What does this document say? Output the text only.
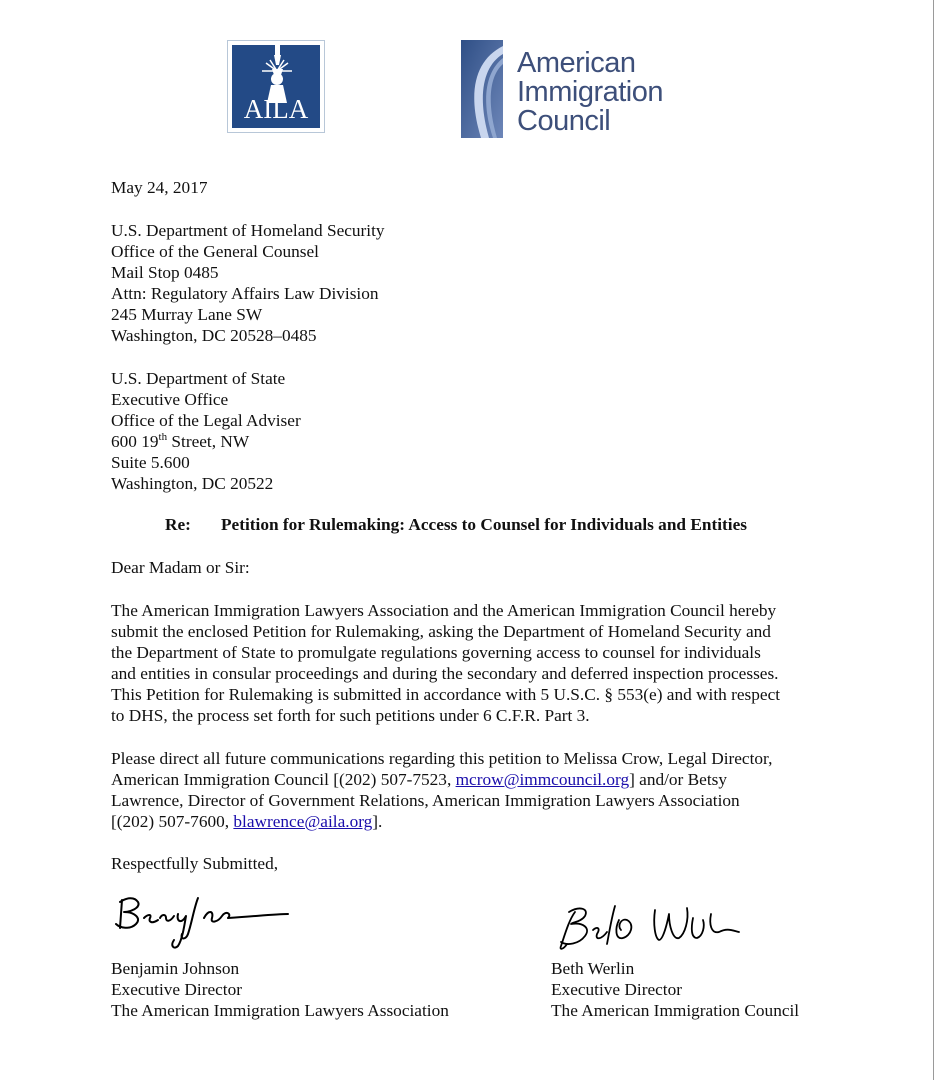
AILA
American
Immigration
Council
May 24, 2017
U.S. Department of Homeland Security
Office of the General Counsel
Mail Stop 0485
Attn: Regulatory Affairs Law Division
245 Murray Lane SW
Washington, DC 20528–0485
U.S. Department of State
Executive Office
Office of the Legal Adviser
600 19th Street, NW
Suite 5.600
Washington, DC 20522
Re: Petition for Rulemaking: Access to Counsel for Individuals and Entities
Dear Madam or Sir:
The American Immigration Lawyers Association and the American Immigration Council hereby
submit the enclosed Petition for Rulemaking, asking the Department of Homeland Security and
the Department of State to promulgate regulations governing access to counsel for individuals
and entities in consular proceedings and during the secondary and deferred inspection processes.
This Petition for Rulemaking is submitted in accordance with 5 U.S.C. § 553(e) and with respect
to DHS, the process set forth for such petitions under 6 C.F.R. Part 3.
Please direct all future communications regarding this petition to Melissa Crow, Legal Director,
American Immigration Council [(202) 507-7523, mcrow@immcouncil.org] and/or Betsy
Lawrence, Director of Government Relations, American Immigration Lawyers Association
[(202) 507-7600, blawrence@aila.org].
Respectfully Submitted,
Benjamin Johnson
Executive Director
The American Immigration Lawyers Association
Beth Werlin
Executive Director
The American Immigration Council
